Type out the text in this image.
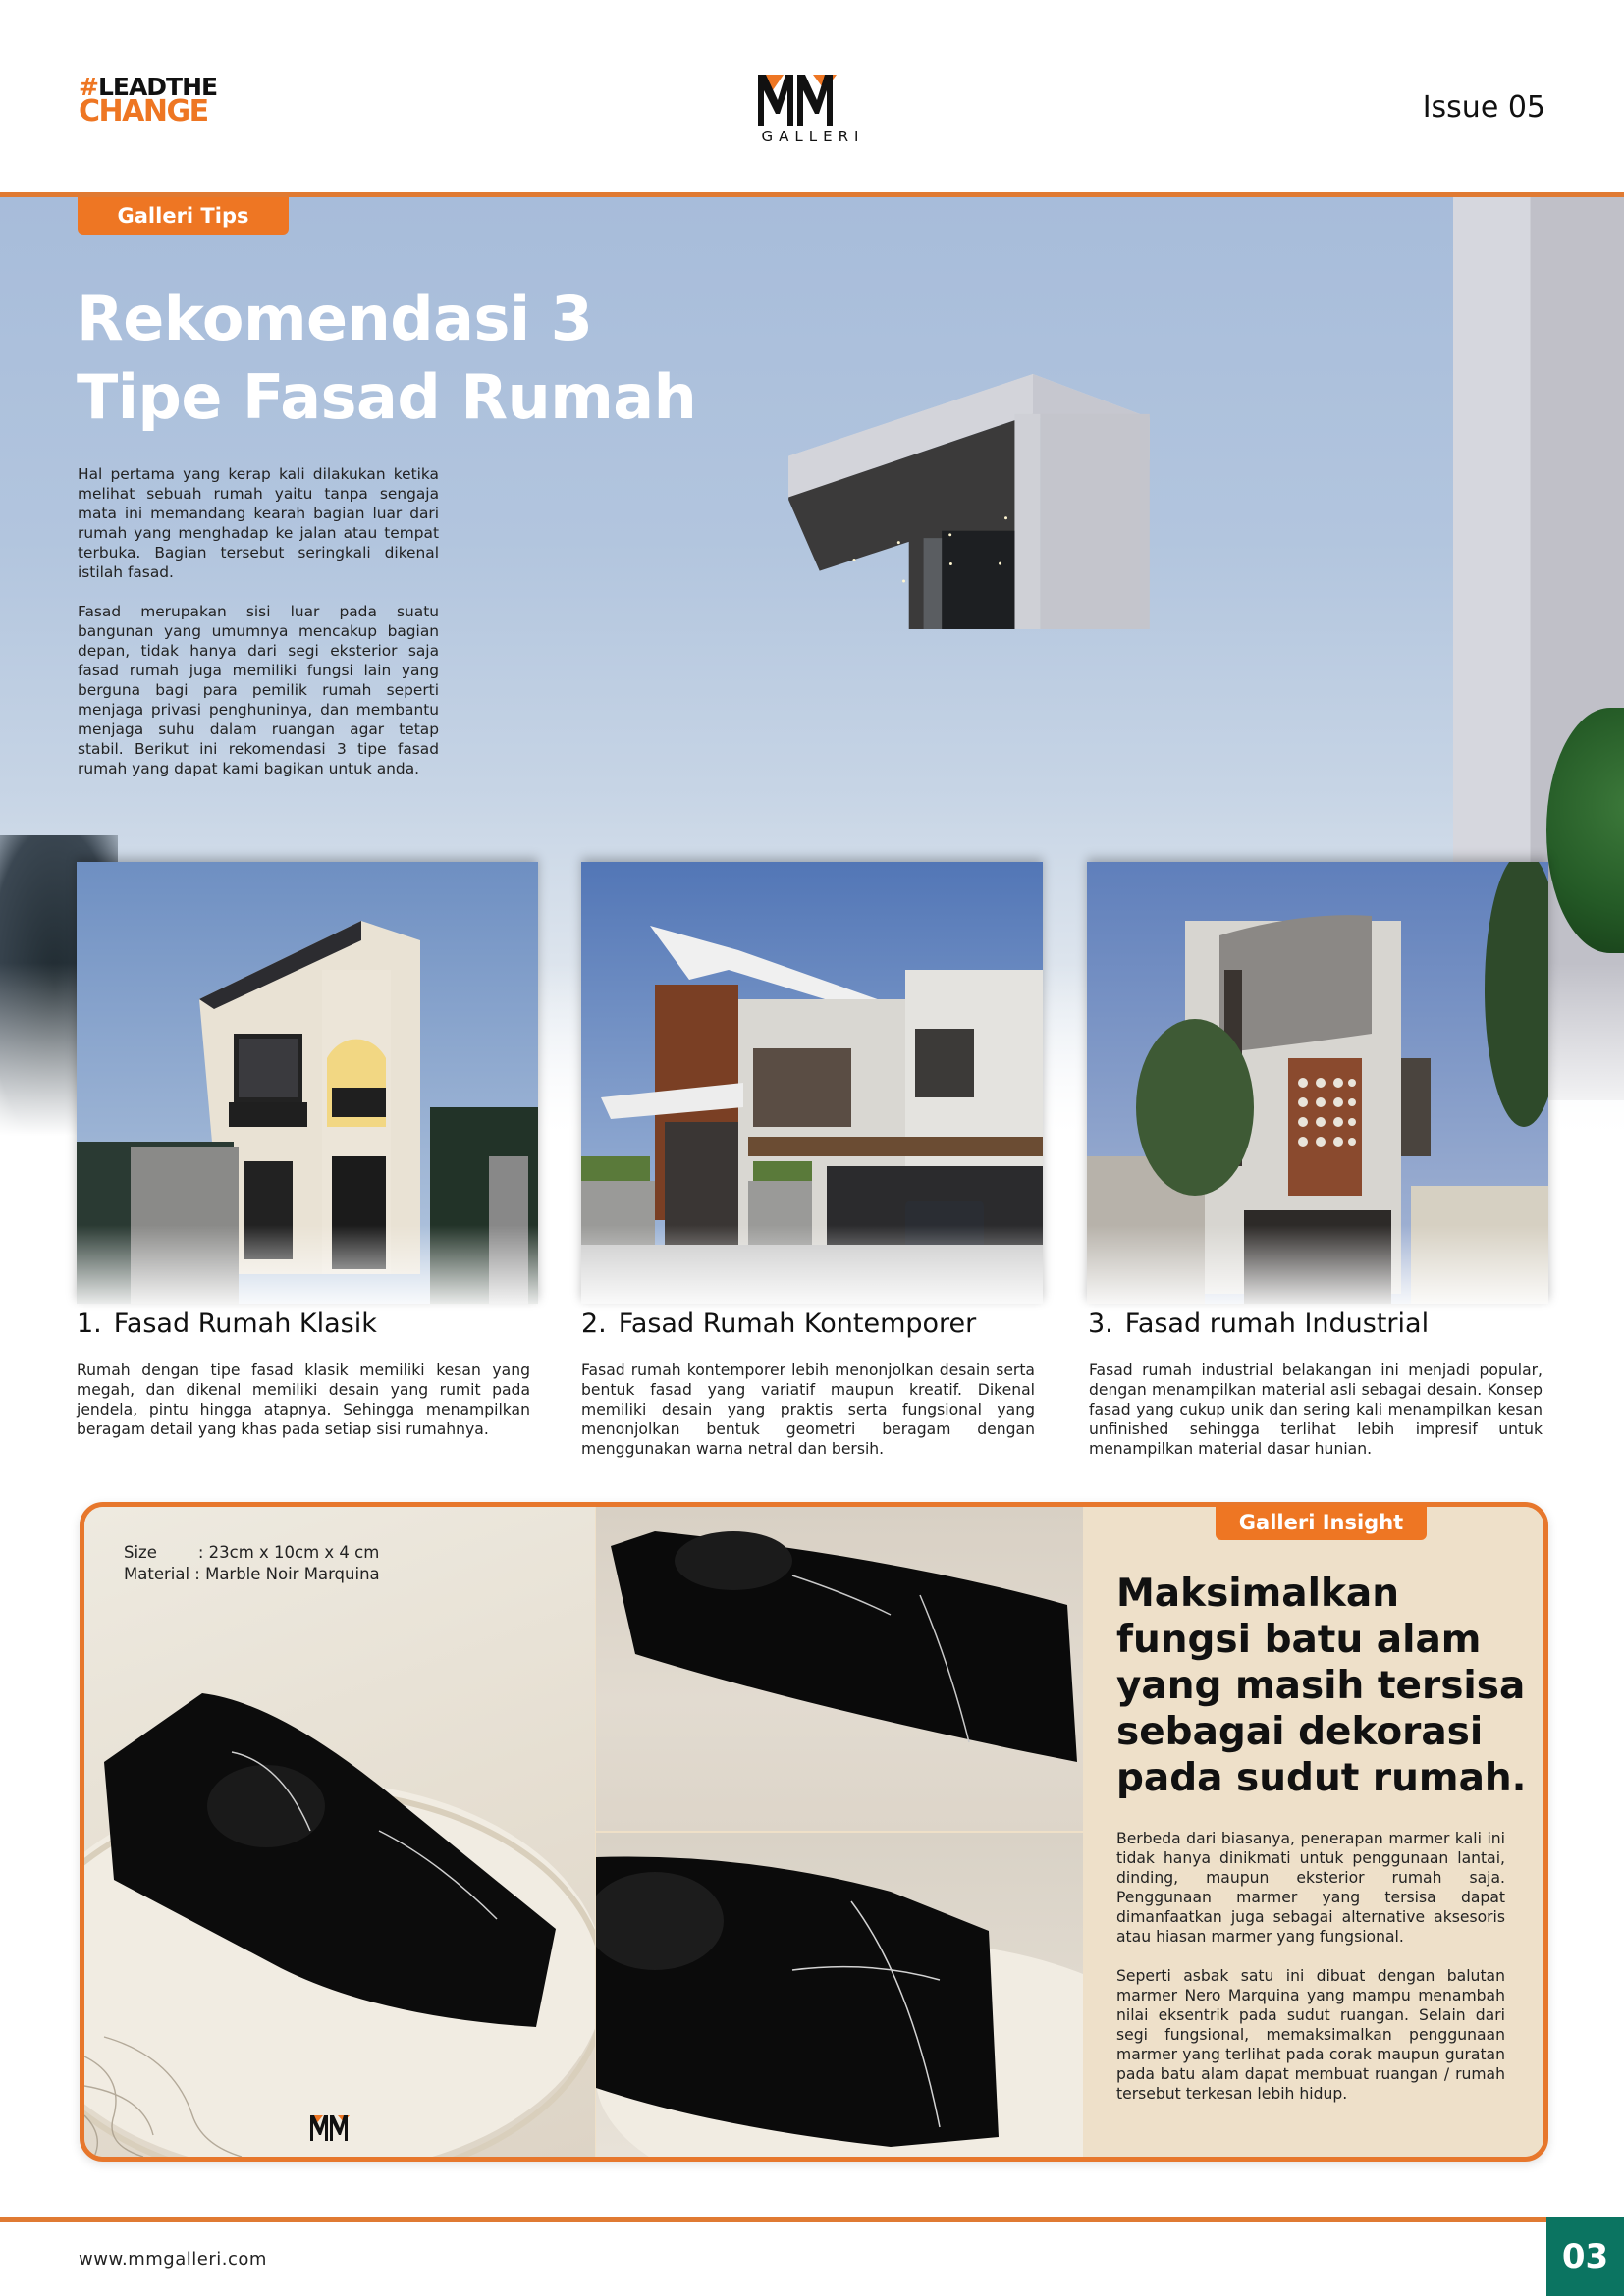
#LEADTHE
CHANGE
GALLERI
Issue 05
Galleri Tips
Rekomendasi 3
Tipe Fasad Rumah

Hal pertama yang kerap kali dilakukan ketika melihat sebuah rumah yaitu tanpa sengaja mata ini memandang kearah bagian luar dari rumah yang menghadap ke jalan atau tempat terbuka. Bagian tersebut seringkali dikenal istilah fasad.

Fasad merupakan sisi luar pada suatu bangunan yang umumnya mencakup bagian depan, tidak hanya dari segi eksterior saja fasad rumah juga memiliki fungsi lain yang berguna bagi para pemilik rumah seperti menjaga privasi penghuninya, dan membantu menjaga suhu dalam ruangan agar tetap stabil. Berikut ini rekomendasi 3 tipe fasad rumah yang dapat kami bagikan untuk anda.

1. Fasad Rumah Klasik	2. Fasad Rumah Kontemporer	3. Fasad rumah Industrial

Rumah dengan tipe fasad klasik memiliki kesan yang megah, dan dikenal memiliki desain yang rumit pada jendela, pintu hingga atapnya. Sehingga menampilkan beragam detail yang khas pada setiap sisi rumahnya.

Fasad rumah kontemporer lebih menonjolkan desain serta bentuk fasad yang variatif maupun kreatif. Dikenal memiliki desain yang praktis serta fungsional yang menonjolkan bentuk geometri beragam dengan menggunakan warna netral dan bersih.

Fasad rumah industrial belakangan ini menjadi popular, dengan menampilkan material asli sebagai desain. Konsep fasad yang cukup unik dan sering kali menampilkan kesan unfinished sehingga terlihat lebih impresif untuk menampilkan material dasar hunian.

Size        : 23cm x 10cm x 4 cm
Material : Marble Noir Marquina
Galleri Insight
Maksimalkan fungsi batu alam yang masih tersisa sebagai dekorasi pada sudut rumah.

Berbeda dari biasanya, penerapan marmer kali ini tidak hanya dinikmati untuk penggunaan lantai, dinding, maupun eksterior rumah saja. Penggunaan marmer yang tersisa dapat dimanfaatkan juga sebagai alternative aksesoris atau hiasan marmer yang fungsional.

Seperti asbak satu ini dibuat dengan balutan marmer Nero Marquina yang mampu menambah nilai eksentrik pada sudut ruangan. Selain dari segi fungsional, memaksimalkan penggunaan marmer yang terlihat pada corak maupun guratan pada batu alam dapat membuat ruangan / rumah tersebut terkesan lebih hidup.

www.mmgalleri.com	03
